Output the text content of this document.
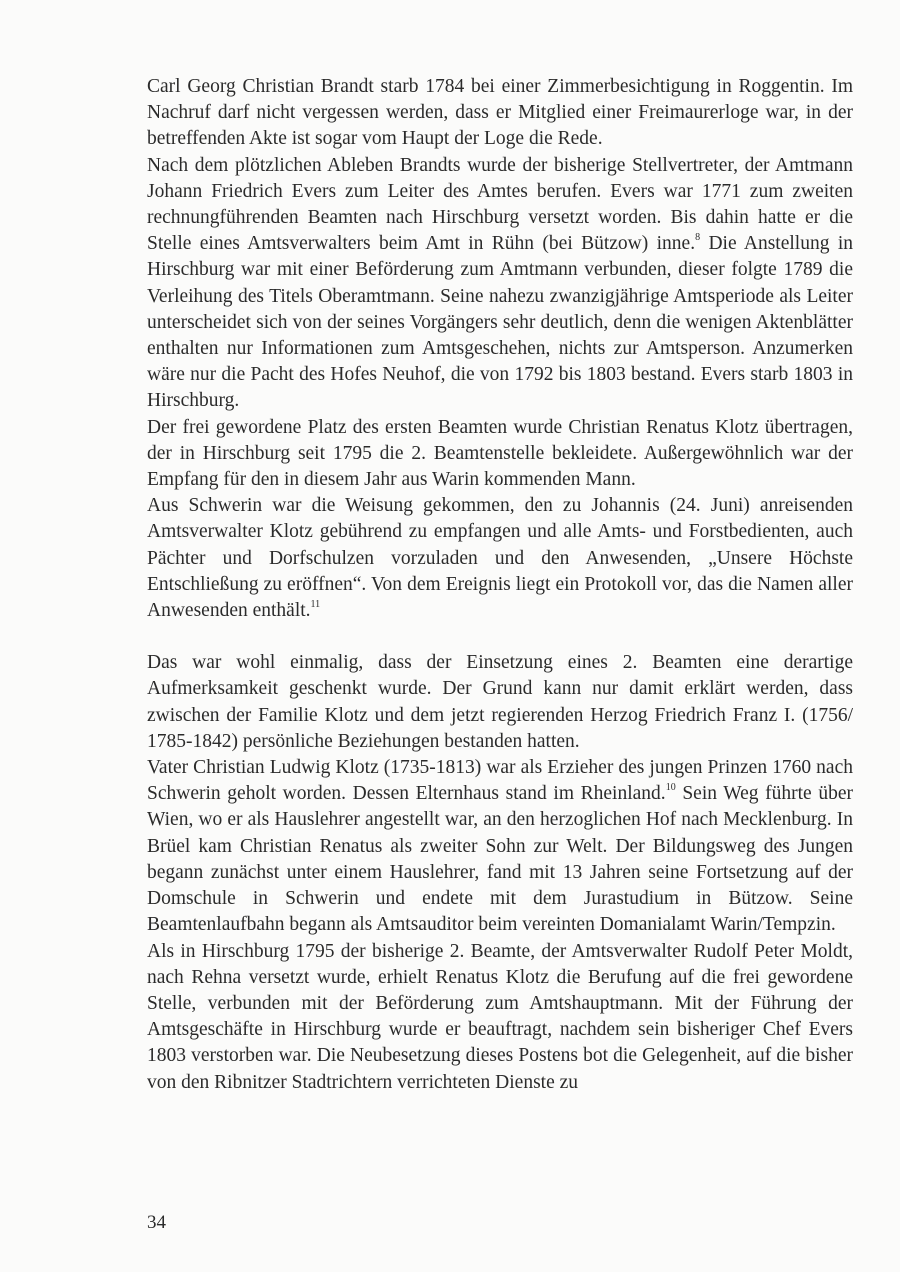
Carl Georg Christian Brandt starb 1784 bei einer Zimmerbesichtigung in Roggentin. Im Nachruf darf nicht vergessen werden, dass er Mitglied einer Freimaurerloge war, in der betreffenden Akte ist sogar vom Haupt der Loge die Rede.

Nach dem plötzlichen Ableben Brandts wurde der bisherige Stellvertreter, der Amtmann Johann Friedrich Evers zum Leiter des Amtes berufen. Evers war 1771 zum zweiten rechnungführenden Beamten nach Hirschburg versetzt worden. Bis dahin hatte er die Stelle eines Amtsverwalters beim Amt in Rühn (bei Bützow) inne.$^8$ Die Anstellung in Hirschburg war mit einer Beförderung zum Amtmann verbunden, dieser folgte 1789 die Verleihung des Titels Oberamtmann. Seine nahezu zwanzigjährige Amtsperiode als Leiter unterscheidet sich von der seines Vorgängers sehr deutlich, denn die wenigen Aktenblätter enthalten nur Informationen zum Amtsgeschehen, nichts zur Amtsperson. Anzumerken wäre nur die Pacht des Hofes Neuhof, die von 1792 bis 1803 bestand. Evers starb 1803 in Hirschburg.

Der frei gewordene Platz des ersten Beamten wurde Christian Renatus Klotz übertragen, der in Hirschburg seit 1795 die 2. Beamtenstelle bekleidete. Außergewöhnlich war der Empfang für den in diesem Jahr aus Warin kommenden Mann.

Aus Schwerin war die Weisung gekommen, den zu Johannis (24. Juni) anreisenden Amtsverwalter Klotz gebührend zu empfangen und alle Amts- und Forstbedienten, auch Pächter und Dorfschulzen vorzuladen und den Anwesenden, „Unsere Höchste Entschließung zu eröffnen“. Von dem Ereignis liegt ein Protokoll vor, das die Namen aller Anwesenden enthält.$^{11}$

Das war wohl einmalig, dass der Einsetzung eines 2. Beamten eine derartige Aufmerksamkeit geschenkt wurde. Der Grund kann nur damit erklärt werden, dass zwischen der Familie Klotz und dem jetzt regierenden Herzog Friedrich Franz I. (1756/ 1785-1842) persönliche Beziehungen bestanden hatten.

Vater Christian Ludwig Klotz (1735-1813) war als Erzieher des jungen Prinzen 1760 nach Schwerin geholt worden. Dessen Elternhaus stand im Rheinland.$^{10}$ Sein Weg führte über Wien, wo er als Hauslehrer angestellt war, an den herzoglichen Hof nach Mecklenburg. In Brüel kam Christian Renatus als zweiter Sohn zur Welt. Der Bildungsweg des Jungen begann zunächst unter einem Hauslehrer, fand mit 13 Jahren seine Fortsetzung auf der Domschule in Schwerin und endete mit dem Jurastudium in Bützow. Seine Beamtenlaufbahn begann als Amtsauditor beim vereinten Domanialamt Warin/Tempzin.

Als in Hirschburg 1795 der bisherige 2. Beamte, der Amtsverwalter Rudolf Peter Moldt, nach Rehna versetzt wurde, erhielt Renatus Klotz die Berufung auf die frei gewordene Stelle, verbunden mit der Beförderung zum Amtshauptmann. Mit der Führung der Amtsgeschäfte in Hirschburg wurde er beauftragt, nachdem sein bisheriger Chef Evers 1803 verstorben war. Die Neubesetzung dieses Postens bot die Gelegenheit, auf die bisher von den Ribnitzer Stadtrichtern verrichteten Dienste zu

34
